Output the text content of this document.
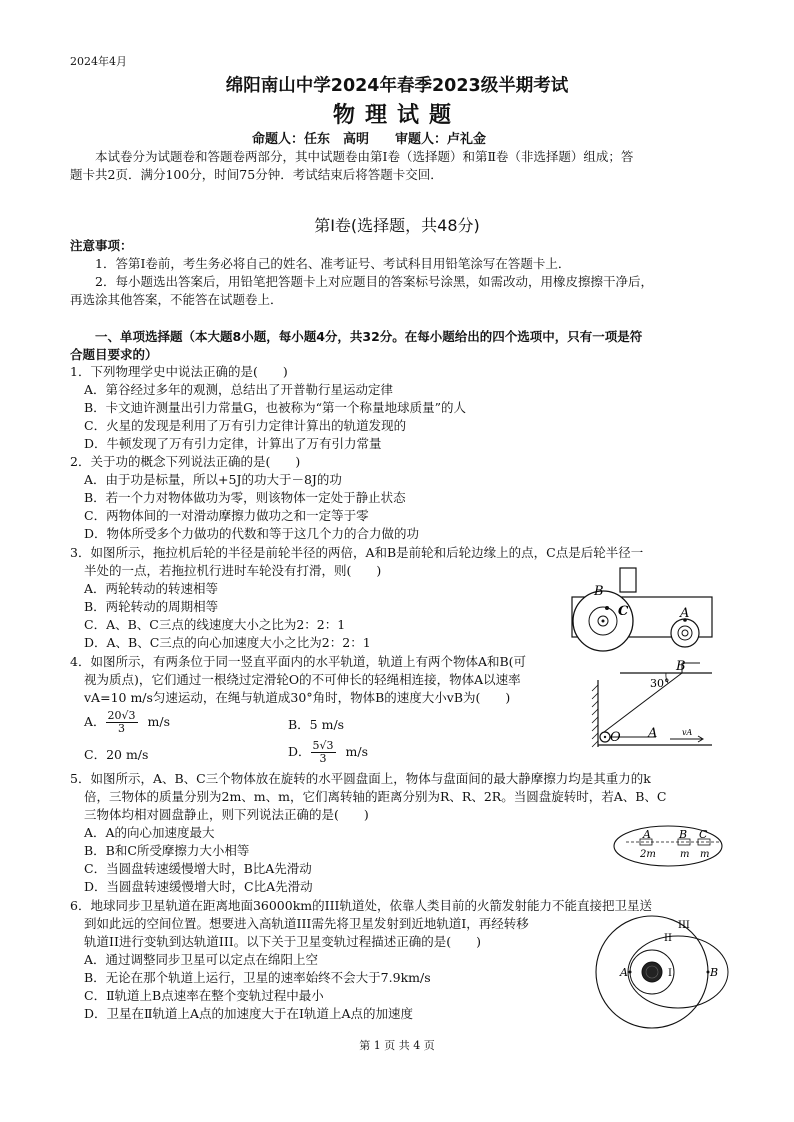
2024年4月
绵阳南山中学2024年春季2023级半期考试
物理试题
命题人：任东　高明　　审题人：卢礼金
本试卷分为试题卷和答题卷两部分，其中试题卷由第Ⅰ卷（选择题）和第Ⅱ卷（非选择题）组成；答
题卡共2页．满分100分，时间75分钟．考试结束后将答题卡交回．
第Ⅰ卷(选择题，共48分)
注意事项：
1．答第Ⅰ卷前，考生务必将自己的姓名、准考证号、考试科目用铅笔涂写在答题卡上．
2．每小题选出答案后，用铅笔把答题卡上对应题目的答案标号涂黑，如需改动，用橡皮擦擦干净后，
再选涂其他答案，不能答在试题卷上．
一、单项选择题（本大题8小题，每小题4分，共32分。在每小题给出的四个选项中，只有一项是符
合题目要求的）
1．下列物理学史中说法正确的是(　　)
A．第谷经过多年的观测，总结出了开普勒行星运动定律
B．卡文迪许测量出引力常量G，也被称为“第一个称量地球质量”的人
C．火星的发现是利用了万有引力定律计算出的轨道发现的
D．牛顿发现了万有引力定律，计算出了万有引力常量
2．关于功的概念下列说法正确的是(　　)
A．由于功是标量，所以+5J的功大于－8J的功
B．若一个力对物体做功为零，则该物体一定处于静止状态
C．两物体间的一对滑动摩擦力做功之和一定等于零
D．物体所受多个力做功的代数和等于这几个力的合力做的功
3．如图所示，拖拉机后轮的半径是前轮半径的两倍，A和B是前轮和后轮边缘上的点，C点是后轮半径一
半处的一点，若拖拉机行进时车轮没有打滑，则(　　)
A．两轮转动的转速相等
B．两轮转动的周期相等
C．A、B、C三点的线速度大小之比为2：2：1
D．A、B、C三点的向心加速度大小之比为2：2：1
B
C	A
4．如图所示，有两条位于同一竖直平面内的水平轨道，轨道上有两个物体A和B(可
视为质点)，它们通过一根绕过定滑轮O的不可伸长的轻绳相连接，物体A以速率
vA=10 m/s匀速运动，在绳与轨道成30°角时，物体B的速度大小vB为(　　)
A． $\frac{20√3}{3} m/s$	B．5 m/s
C．20 m/s	D． $\frac{5√3}{3} m/s$
B
30°
O A	vA
5．如图所示，A、B、C三个物体放在旋转的水平圆盘面上，物体与盘面间的最大静摩擦力均是其重力的k
倍，三物体的质量分别为2m、m、m，它们离转轴的距离分别为R、R、2R。当圆盘旋转时，若A、B、C
三物体均相对圆盘静止，则下列说法正确的是(　　)
A．A的向心加速度最大
B．B和C所受摩擦力大小相等
C．当圆盘转速缓慢增大时，B比A先滑动
D．当圆盘转速缓慢增大时，C比A先滑动
A	B C
2m m m
6．地球同步卫星轨道在距离地面36000km的III轨道处，依靠人类目前的火箭发射能力不能直接把卫星送
到如此远的空间位置。想要进入高轨道III需先将卫星发射到近地轨道I，再经转移
轨道II进行变轨到达轨道III。以下关于卫星变轨过程描述正确的是(　　)
A．通过调整同步卫星可以定点在绵阳上空
B．无论在那个轨道上运行，卫星的速率始终不会大于7.9km/s
C．Ⅱ轨道上B点速率在整个变轨过程中最小
D．卫星在Ⅱ轨道上A点的加速度大于在Ⅰ轨道上A点的加速度
III
II
I
A	B
第 1 页 共 4 页
